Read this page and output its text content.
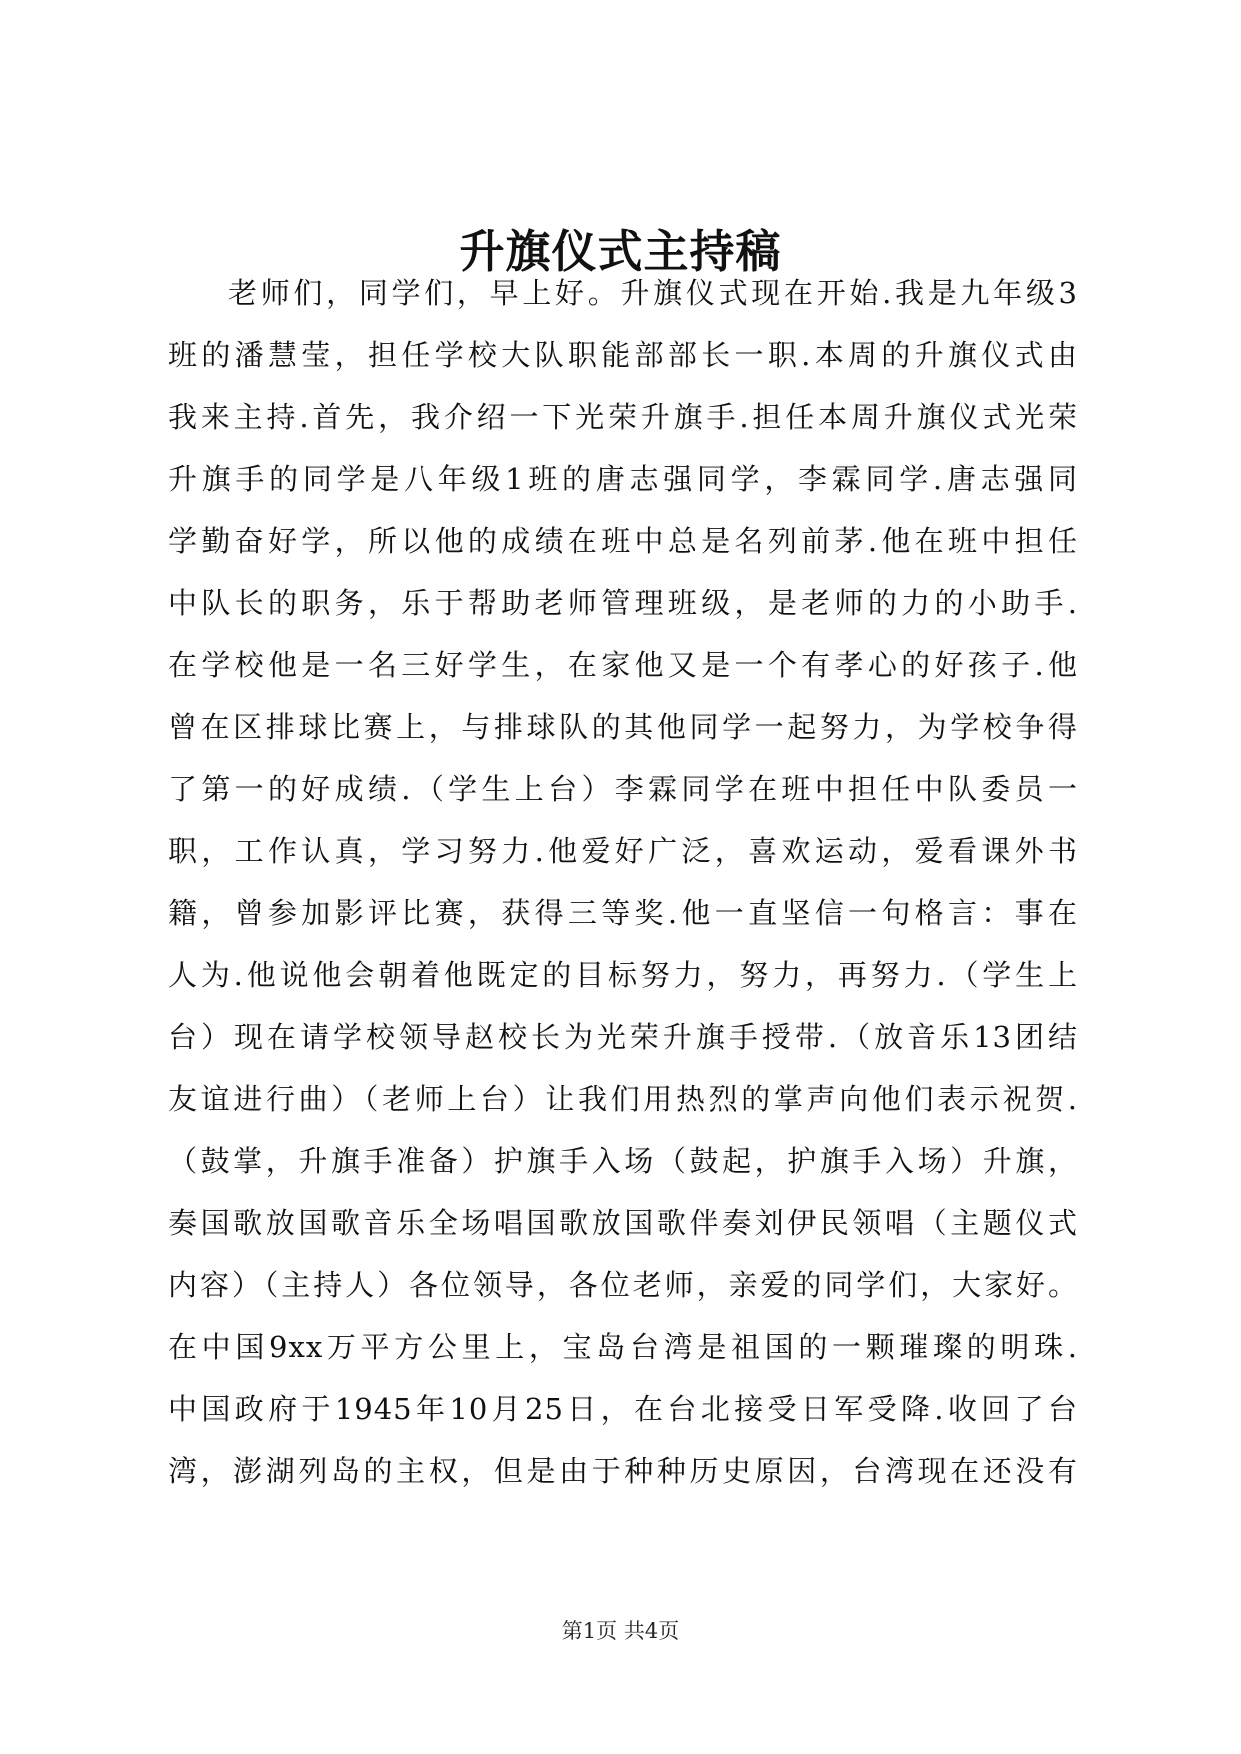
升旗仪式主持稿
老师们，同学们，早上好。升旗仪式现在开始.我是九年级3
班的潘慧莹，担任学校大队职能部部长一职.本周的升旗仪式由
我来主持.首先，我介绍一下光荣升旗手.担任本周升旗仪式光荣
升旗手的同学是八年级1班的唐志强同学，李霖同学.唐志强同
学勤奋好学，所以他的成绩在班中总是名列前茅.他在班中担任
中队长的职务，乐于帮助老师管理班级，是老师的力的小助手.
在学校他是一名三好学生，在家他又是一个有孝心的好孩子.他
曾在区排球比赛上，与排球队的其他同学一起努力，为学校争得
了第一的好成绩.（学生上台）李霖同学在班中担任中队委员一
职，工作认真，学习努力.他爱好广泛，喜欢运动，爱看课外书
籍，曾参加影评比赛，获得三等奖.他一直坚信一句格言：事在
人为.他说他会朝着他既定的目标努力，努力，再努力.（学生上
台）现在请学校领导赵校长为光荣升旗手授带.（放音乐13团结
友谊进行曲）（老师上台）让我们用热烈的掌声向他们表示祝贺.
（鼓掌，升旗手准备）护旗手入场（鼓起，护旗手入场）升旗，
奏国歌放国歌音乐全场唱国歌放国歌伴奏刘伊民领唱（主题仪式
内容）（主持人）各位领导，各位老师，亲爱的同学们，大家好。
在中国9xx万平方公里上，宝岛台湾是祖国的一颗璀璨的明珠.
中国政府于1945年10月25日，在台北接受日军受降.收回了台
湾，澎湖列岛的主权，但是由于种种历史原因，台湾现在还没有
第1页 共4页
